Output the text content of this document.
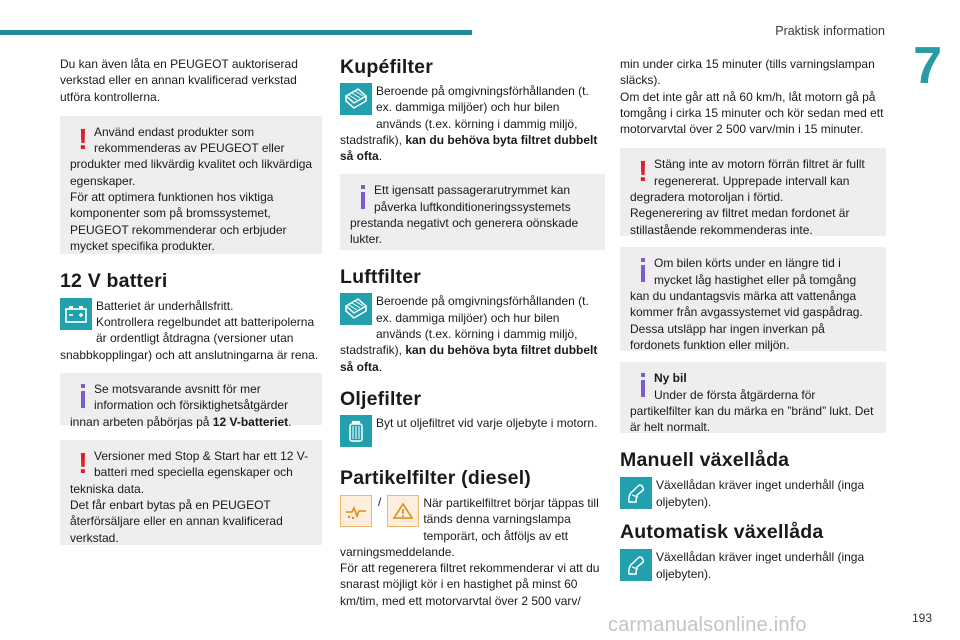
Praktisk information
7

Du kan även låta en PEUGEOT auktoriserad verkstad eller en annan kvalificerad verkstad utföra kontrollerna.

! Använd endast produkter som rekommenderas av PEUGEOT eller
produkter med likvärdig kvalitet och likvärdiga egenskaper.
För att optimera funktionen hos viktiga komponenter som på bromssystemet, PEUGEOT rekommenderar och erbjuder mycket specifika produkter.
12 V batteri

Batteriet är underhållsfritt.

Kontrollera regelbundet att batteripolerna är ordentligt åtdragna (versioner utan snabbkopplingar) och att anslutningarna är rena.

Se motsvarande avsnitt för mer information och försiktighetsåtgärder
innan arbeten påbörjas på 12 V-batteriet.
! Versioner med Stop & Start har ett 12 V-batteri med speciella egenskaper och
tekniska data.
Det får enbart bytas på en PEUGEOT återförsäljare eller en annan kvalificerad verkstad.
Kupéfilter

Beroende på omgivningsförhållanden (t. ex. dammiga miljöer) och hur bilen används (t.ex. körning i dammig miljö, stadstrafik), kan du behöva byta filtret dubbelt så ofta.

Ett igensatt passagerarutrymmet kan påverka luftkonditioneringssystemets
prestanda negativt och generera oönskade lukter.
Luftfilter

Beroende på omgivningsförhållanden (t. ex. dammiga miljöer) och hur bilen används (t.ex. körning i dammig miljö, stadstrafik), kan du behöva byta filtret dubbelt så ofta.

Oljefilter

Byt ut oljefiltret vid varje oljebyte i motorn.

Partikelfilter (diesel)
/	När partikelfiltret börjar täppas till tänds denna varningslampa temporärt, och åtföljs av ett varningsmeddelande.

För att regenerera filtret rekommenderar vi att du snarast möjligt kör i en hastighet på minst 60 km/tim, med ett motorvarvtal över 2 500 varv/

min under cirka 15 minuter (tills varningslampan släcks).

Om det inte går att nå 60 km/h, låt motorn gå på tomgång i cirka 15 minuter och kör sedan med ett motorvarvtal över 2 500 varv/min i 15 minuter.

! Stäng inte av motorn förrän filtret är fullt regenererat. Upprepade intervall kan
degradera motoroljan i förtid.
Regenerering av filtret medan fordonet är stillastående rekommenderas inte.
Om bilen körts under en längre tid i mycket låg hastighet eller på tomgång
kan du undantagsvis märka att vattenånga kommer från avgassystemet vid gaspådrag. Dessa utsläpp har ingen inverkan på fordonets funktion eller miljön.
Ny bil
Under de första åtgärderna för
partikelfilter kan du märka en ”bränd” lukt. Det är helt normalt.
Manuell växellåda

Växellådan kräver inget underhåll (inga oljebyten).

Automatisk växellåda

Växellådan kräver inget underhåll (inga oljebyten).

carmanualsonline.info	193
